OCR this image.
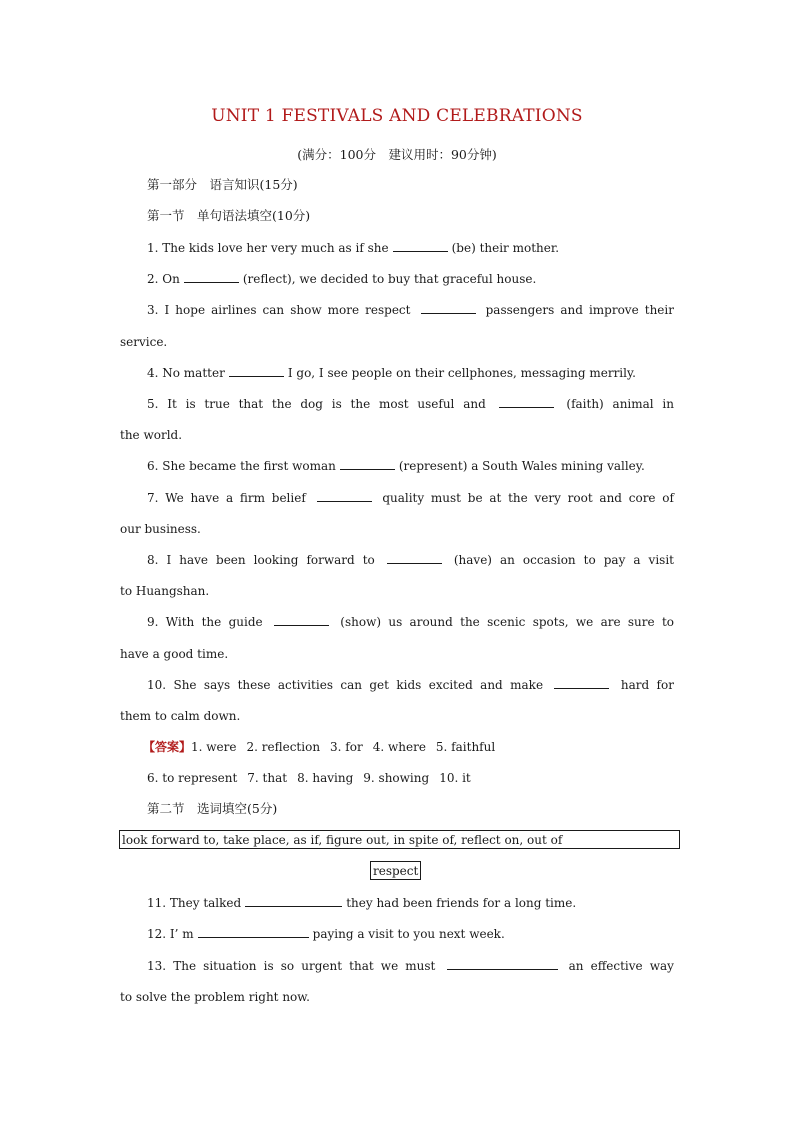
UNIT 1 FESTIVALS AND CELEBRATIONS
(满分：100分　建议用时：90分钟)
第一部分　语言知识(15分)
第一节　单句语法填空(10分)
1. The kids love her very much as if she	(be) their mother.
2. On	(reflect), we decided to buy that graceful house.
3. I hope airlines can show more respect	passengers and improve their
service.
4. No matter	I go, I see people on their cellphones, messaging merrily.
5. It is true that the dog is the most useful and	(faith) animal in
the world.
6. She became the first woman	(represent) a South Wales mining valley.
7. We have a firm belief	quality must be at the very root and core of
our business.
8. I have been looking forward to	(have) an occasion to pay a visit
to Huangshan.
9. With the guide	(show) us around the scenic spots, we are sure to
have a good time.
10. She says these activities can get kids excited and make	hard for
them to calm down.
【答案】1. were 2. reflection 3. for 4. where 5. faithful
6. to represent 7. that 8. having 9. showing 10. it
第二节　选词填空(5分)
look forward to, take place, as if, figure out, in spite of, reflect on, out of
respect
11. They talked	they had been friends for a long time.
12. I’ m	paying a visit to you next week.
13. The situation is so urgent that we must	an effective way
to solve the problem right now.
